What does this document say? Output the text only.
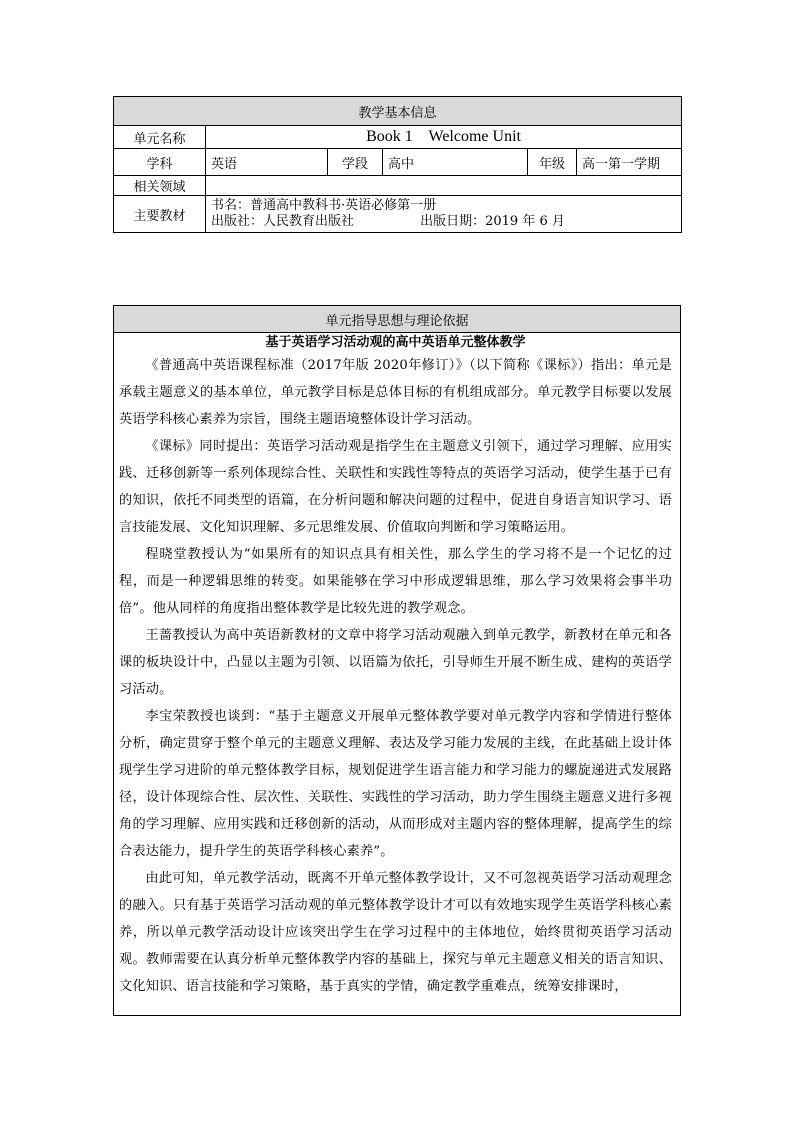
教学基本信息					
单元名称	Book 1    Welcome Unit				
学科	英语	学段	高中	年级	高一第一学期
相关领域					
主要教材	书名：普通高中教科书·英语必修第一册
出版社：人民教育出版社                出版日期：2019 年 6 月				
单元指导思想与理论依据

基于英语学习活动观的高中英语单元整体教学

《普通高中英语课程标准（2017年版 2020年修订）》（以下简称《课标》）指出：单元是承载主题意义的基本单位，单元教学目标是总体目标的有机组成部分。单元教学目标要以发展英语学科核心素养为宗旨，围绕主题语境整体设计学习活动。

《课标》同时提出：英语学习活动观是指学生在主题意义引领下，通过学习理解、应用实践、迁移创新等一系列体现综合性、关联性和实践性等特点的英语学习活动，使学生基于已有的知识，依托不同类型的语篇，在分析问题和解决问题的过程中，促进自身语言知识学习、语言技能发展、文化知识理解、多元思维发展、价值取向判断和学习策略运用。

程晓堂教授认为“如果所有的知识点具有相关性，那么学生的学习将不是一个记忆的过程，而是一种逻辑思维的转变。如果能够在学习中形成逻辑思维，那么学习效果将会事半功倍”。他从同样的角度指出整体教学是比较先进的教学观念。

王蔷教授认为高中英语新教材的文章中将学习活动观融入到单元教学，新教材在单元和各课的板块设计中，凸显以主题为引领、以语篇为依托，引导师生开展不断生成、建构的英语学习活动。

李宝荣教授也谈到：“基于主题意义开展单元整体教学要对单元教学内容和学情进行整体分析，确定贯穿于整个单元的主题意义理解、表达及学习能力发展的主线，在此基础上设计体现学生学习进阶的单元整体教学目标，规划促进学生语言能力和学习能力的螺旋递进式发展路径，设计体现综合性、层次性、关联性、实践性的学习活动，助力学生围绕主题意义进行多视角的学习理解、应用实践和迁移创新的活动，从而形成对主题内容的整体理解，提高学生的综合表达能力，提升学生的英语学科核心素养”。

由此可知，单元教学活动，既离不开单元整体教学设计，又不可忽视英语学习活动观理念的融入。只有基于英语学习活动观的单元整体教学设计才可以有效地实现学生英语学科核心素养，所以单元教学活动设计应该突出学生在学习过程中的主体地位，始终贯彻英语学习活动观。教师需要在认真分析单元整体教学内容的基础上，探究与单元主题意义相关的语言知识、文化知识、语言技能和学习策略，基于真实的学情，确定教学重难点，统筹安排课时，
